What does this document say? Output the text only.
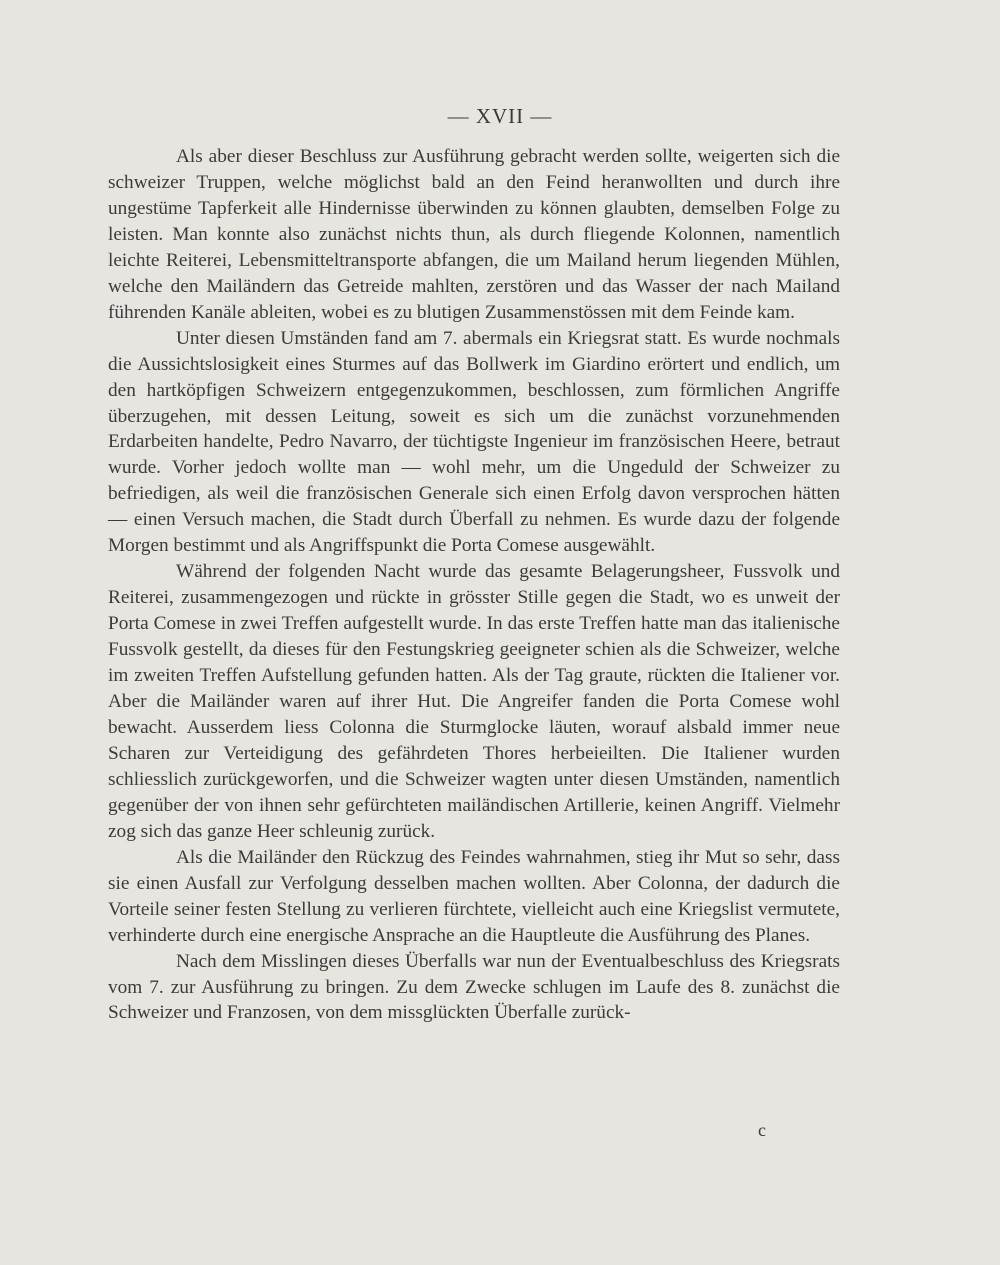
— XVII —

Als aber dieser Beschluss zur Ausführung gebracht werden sollte, weigerten sich die schweizer Truppen, welche möglichst bald an den Feind heranwollten und durch ihre ungestüme Tapferkeit alle Hindernisse überwinden zu können glaubten, demselben Folge zu leisten. Man konnte also zunächst nichts thun, als durch fliegende Kolonnen, namentlich leichte Reiterei, Lebensmitteltransporte abfangen, die um Mailand herum liegenden Mühlen, welche den Mailändern das Getreide mahlten, zerstören und das Wasser der nach Mailand führenden Kanäle ableiten, wobei es zu blutigen Zusammenstössen mit dem Feinde kam.

Unter diesen Umständen fand am 7. abermals ein Kriegsrat statt. Es wurde nochmals die Aussichtslosigkeit eines Sturmes auf das Bollwerk im Giardino erörtert und endlich, um den hartköpfigen Schweizern entgegenzukommen, beschlossen, zum förmlichen Angriffe überzugehen, mit dessen Leitung, soweit es sich um die zunächst vorzunehmenden Erdarbeiten handelte, Pedro Navarro, der tüchtigste Ingenieur im französischen Heere, betraut wurde. Vorher jedoch wollte man — wohl mehr, um die Ungeduld der Schweizer zu befriedigen, als weil die französischen Generale sich einen Erfolg davon versprochen hätten — einen Versuch machen, die Stadt durch Überfall zu nehmen. Es wurde dazu der folgende Morgen bestimmt und als Angriffspunkt die Porta Comese ausgewählt.

Während der folgenden Nacht wurde das gesamte Belagerungsheer, Fussvolk und Reiterei, zusammengezogen und rückte in grösster Stille gegen die Stadt, wo es unweit der Porta Comese in zwei Treffen aufgestellt wurde. In das erste Treffen hatte man das italienische Fussvolk gestellt, da dieses für den Festungskrieg geeigneter schien als die Schweizer, welche im zweiten Treffen Aufstellung gefunden hatten. Als der Tag graute, rückten die Italiener vor. Aber die Mailänder waren auf ihrer Hut. Die Angreifer fanden die Porta Comese wohl bewacht. Ausserdem liess Colonna die Sturmglocke läuten, worauf alsbald immer neue Scharen zur Verteidigung des gefährdeten Thores herbeieilten. Die Italiener wurden schliesslich zurückgeworfen, und die Schweizer wagten unter diesen Umständen, namentlich gegenüber der von ihnen sehr gefürchteten mailändischen Artillerie, keinen Angriff. Vielmehr zog sich das ganze Heer schleunig zurück.

Als die Mailänder den Rückzug des Feindes wahrnahmen, stieg ihr Mut so sehr, dass sie einen Ausfall zur Verfolgung desselben machen wollten. Aber Colonna, der dadurch die Vorteile seiner festen Stellung zu verlieren fürchtete, vielleicht auch eine Kriegslist vermutete, verhinderte durch eine energische Ansprache an die Hauptleute die Ausführung des Planes.

Nach dem Misslingen dieses Überfalls war nun der Eventualbeschluss des Kriegsrats vom 7. zur Ausführung zu bringen. Zu dem Zwecke schlugen im Laufe des 8. zunächst die Schweizer und Franzosen, von dem missglückten Überfalle zurück-

c
